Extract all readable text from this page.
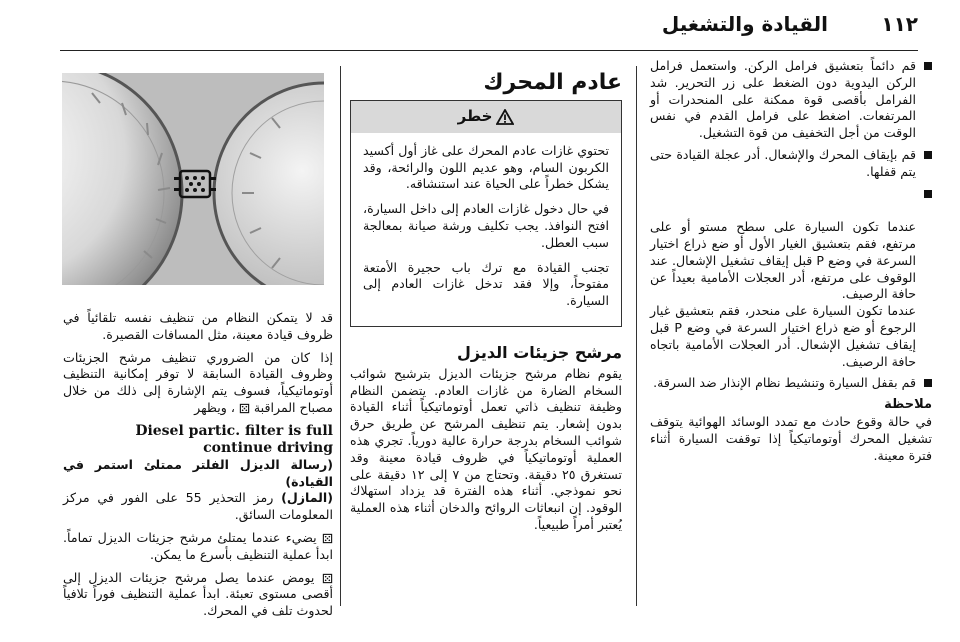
١١٢
القيادة والتشغيل
قم دائماً بتعشيق فرامل الركن. واستعمل فرامل الركن اليدوية دون الضغط على زر التحرير. شد الفرامل بأقصى قوة ممكنة على المنحدرات أو المرتفعات. اضغط على فرامل القدم في نفس الوقت من أجل التخفيف من قوة التشغيل.
قم بإيقاف المحرك والإشعال. أدر عجلة القيادة حتى يتم قفلها.

عندما تكون السيارة على سطح مستو أو على مرتفع، فقم بتعشيق الغيار الأول أو ضع ذراع اختيار السرعة في وضع P قبل إيقاف تشغيل الإشعال. عند الوقوف على مرتفع، أدر العجلات الأمامية بعيداً عن حافة الرصيف.
عندما تكون السيارة على منحدر، فقم بتعشيق غيار الرجوع أو ضع ذراع اختيار السرعة في وضع P قبل إيقاف تشغيل الإشعال. أدر العجلات الأمامية باتجاه حافة الرصيف.

قم بقفل السيارة وتنشيط نظام الإنذار ضد السرقة.
ملاحظة
في حالة وقوع حادث مع تمدد الوسائد الهوائية يتوقف تشغيل المحرك أوتوماتيكياً إذا توقفت السيارة أثناء فترة معينة.
عادم المحرك
خطر

تحتوي غازات عادم المحرك على غاز أول أكسيد الكربون السام، وهو عديم اللون والرائحة، وقد يشكل خطراً على الحياة عند استنشاقه.

في حال دخول غازات العادم إلى داخل السيارة، افتح النوافذ. يجب تكليف ورشة صيانة بمعالجة سبب العطل.

تجنب القيادة مع ترك باب حجيرة الأمتعة مفتوحاً، وإلا فقد تدخل غازات العادم إلى السيارة.

مرشح جزيئات الديزل
يقوم نظام مرشح جزيئات الديزل بترشيح شوائب السخام الضارة من غازات العادم. يتضمن النظام وظيفة تنظيف ذاتي تعمل أوتوماتيكياً أثناء القيادة بدون إشعار. يتم تنظيف المرشح عن طريق حرق شوائب السخام بدرجة حرارة عالية دورياً. تجري هذه العملية أوتوماتيكياً في ظروف قيادة معينة وقد تستغرق ٢٥ دقيقة. وتحتاج من ٧ إلى ١٢ دقيقة على نحو نموذجي. أثناء هذه الفترة قد يزداد استهلاك الوقود. إن انبعاثات الروائح والدخان أثناء هذه العملية يُعتبر أمراً طبيعياً.
قد لا يتمكن النظام من تنظيف نفسه تلقائياً في ظروف قيادة معينة، مثل المسافات القصيرة.
إذا كان من الضروري تنظيف مرشح الجزيئات وظروف القيادة السابقة لا توفر إمكانية التنظيف أوتوماتيكياً، فسوف يتم الإشارة إلى ذلك من خلال مصباح المراقبة  ، ويظهر
Diesel partic. filter is full continue driving
(رسالة الديزل الفلتر ممتلئ استمر في القيادة)
(المازل) رمز التحذير 55 على الفور في مركز المعلومات السائق.
يضيء عندما يمتلئ مرشح جزيئات الديزل تماماً. ابدأ عملية التنظيف بأسرع ما يمكن.
يومض عندما يصل مرشح جزيئات الديزل إلى أقصى مستوى تعبئة. ابدأ عملية التنظيف فوراً تلافياً لحدوث تلف في المحرك.
